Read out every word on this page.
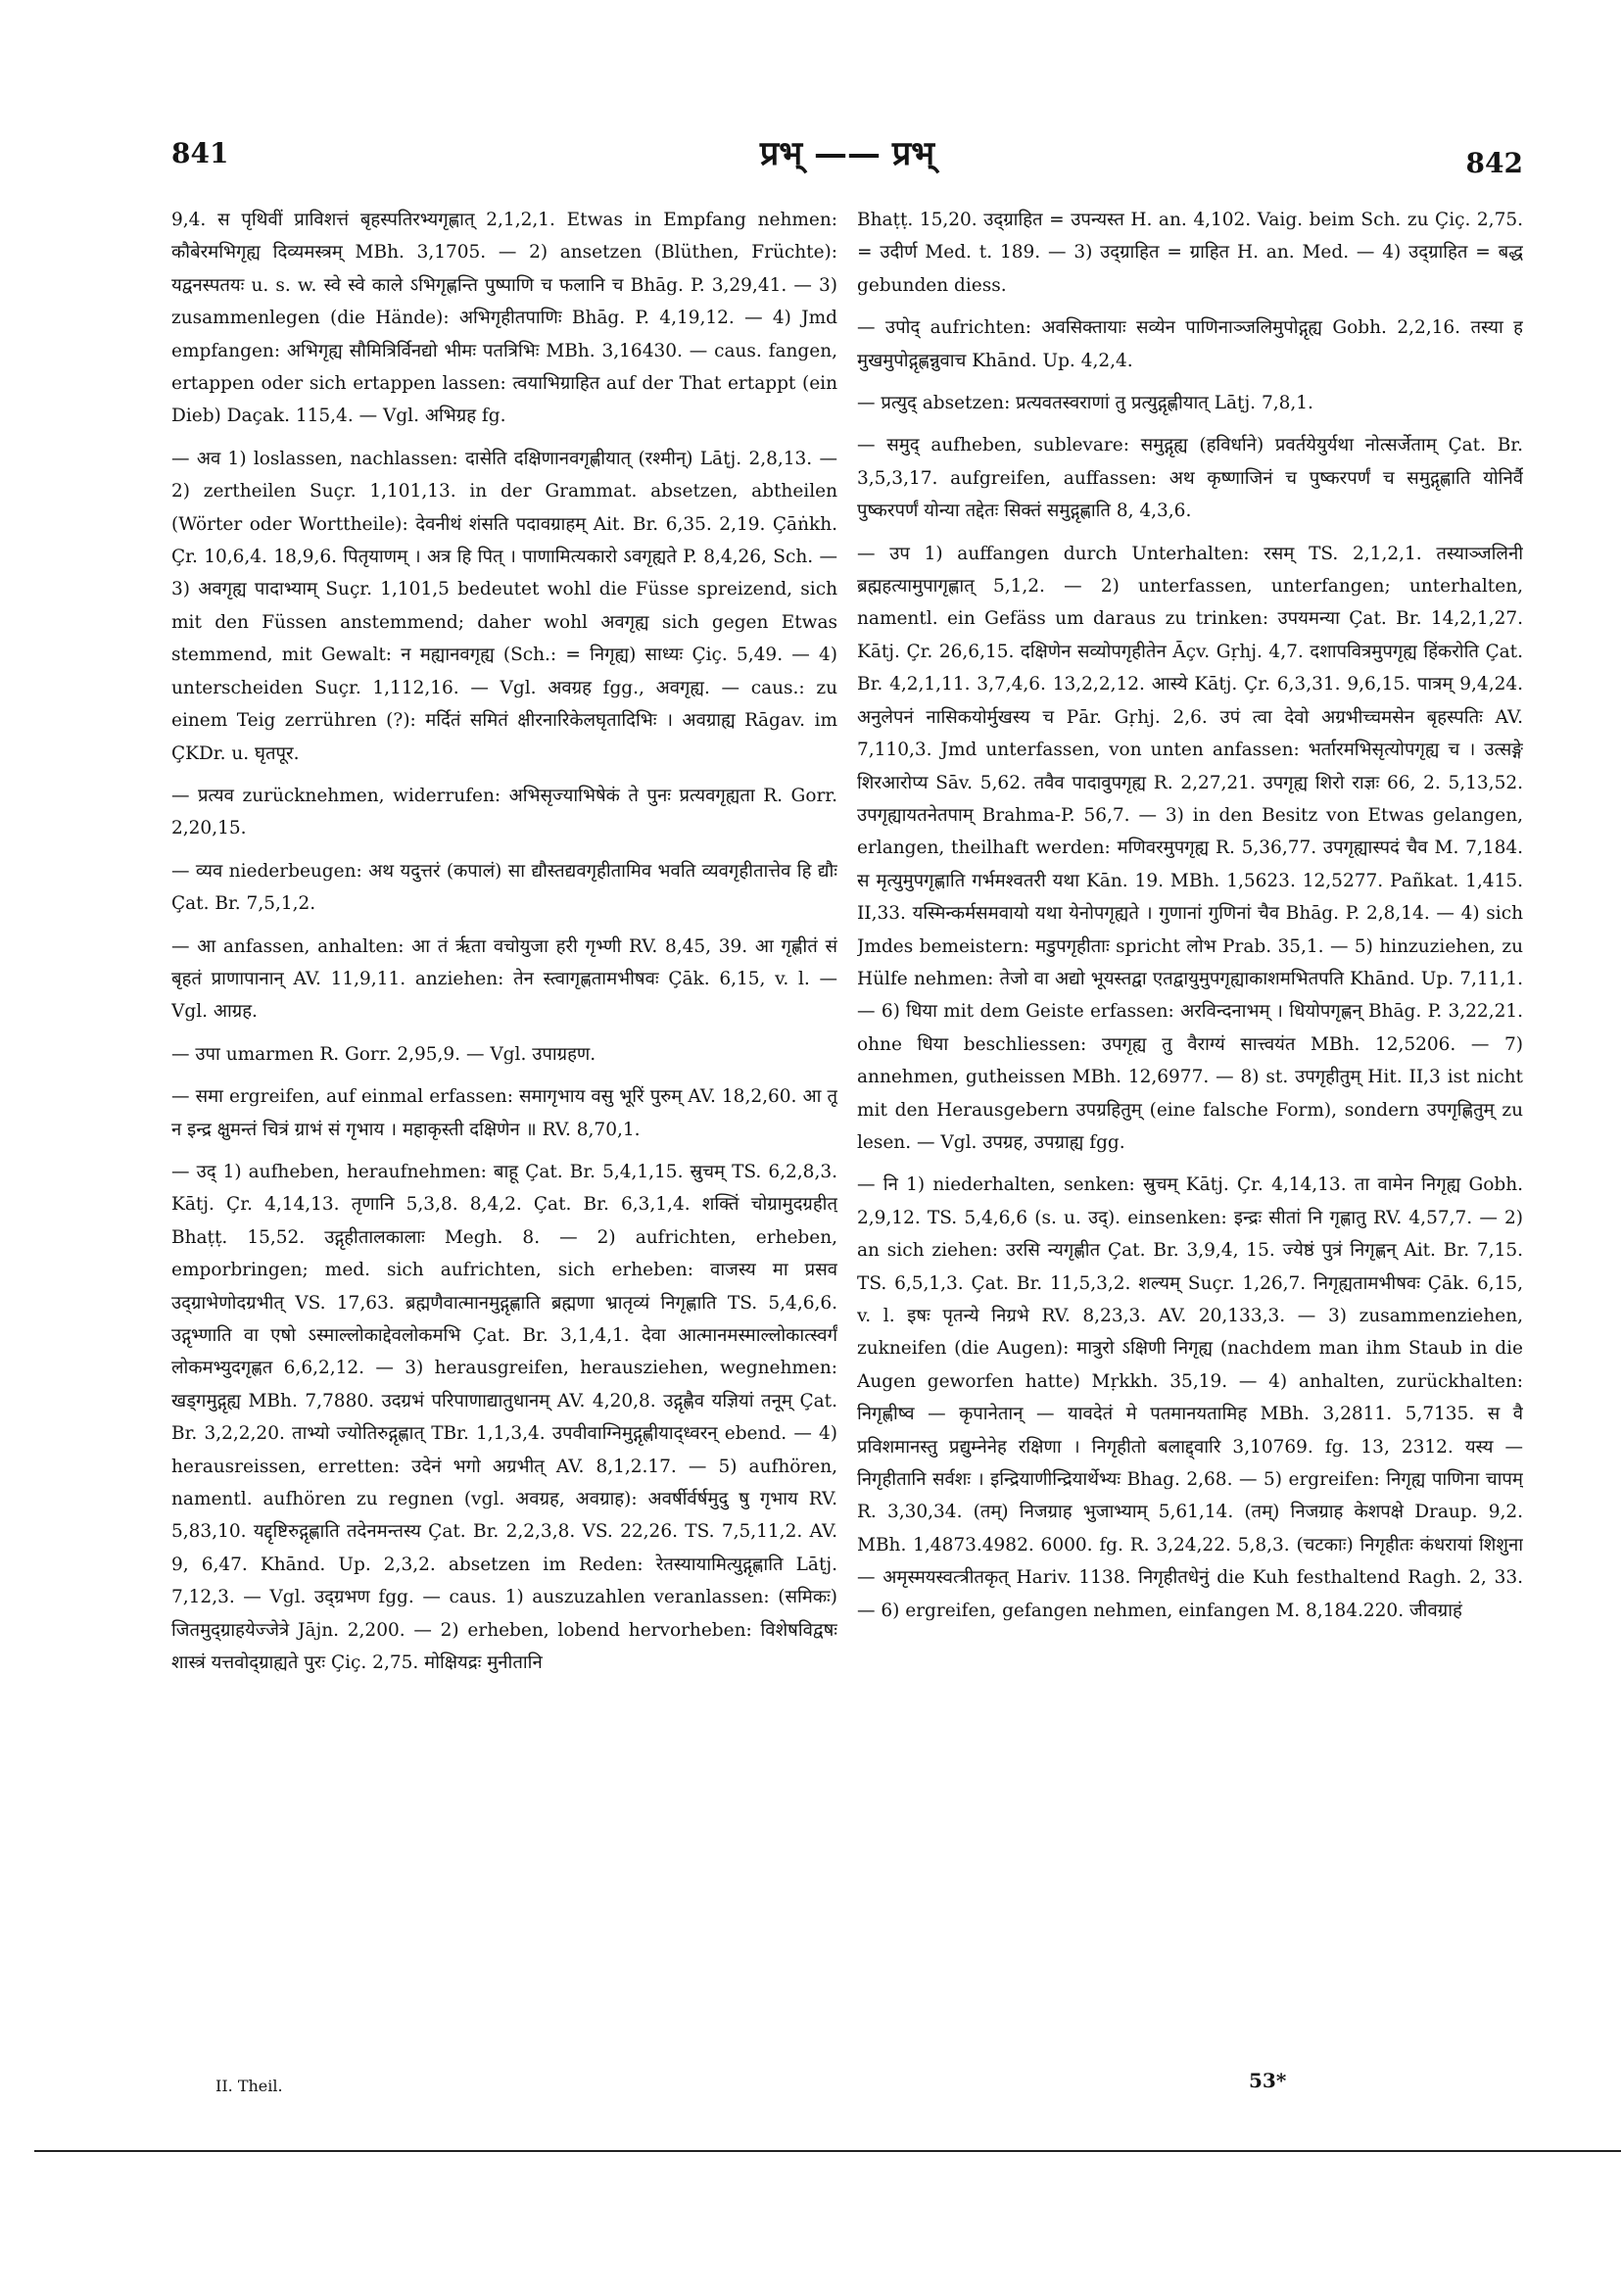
841	प्रभ् —— प्रभ्	842

9,4. स पृथिवीं प्राविशत्तं बृहस्पतिरभ्यगृह्णात् 2,1,2,1. Etwas in Empfang nehmen: कौबेरमभिगृह्य दिव्यमस्त्रम् MBh. 3,1705. — 2) ansetzen (Blüthen, Früchte): यद्वनस्पतयः u. s. w. स्वे स्वे काले ऽभिगृह्णन्ति पुष्पाणि च फलानि च Bhāg. P. 3,29,41. — 3) zusammenlegen (die Hände): अभिगृहीतपाणिः Bhāg. P. 4,19,12. — 4) Jmd empfangen: अभिगृह्य सौमित्रिर्विनद्यो भीमः पतत्रिभिः MBh. 3,16430. — caus. fangen, ertappen oder sich ertappen lassen: त्वयाभिग्राहित auf der That ertappt (ein Dieb) Daçak. 115,4. — Vgl. अभिग्रह fg.

— अव 1) loslassen, nachlassen: दासेति दक्षिणानवगृह्णीयात् (रश्मीन्) Lāṭj. 2,8,13. — 2) zertheilen Suçr. 1,101,13. in der Grammat. absetzen, abtheilen (Wörter oder Worttheile): देवनीथं शंसति पदावग्राहम् Ait. Br. 6,35. 2,19. Çāṅkh. Çr. 10,6,4. 18,9,6. पितृयाणम् । अत्र हि पित् । पाणामित्यकारो ऽवगृह्यते P. 8,4,26, Sch. — 3) अवगृह्य पादाभ्याम् Suçr. 1,101,5 bedeutet wohl die Füsse spreizend, sich mit den Füssen anstemmend; daher wohl अवगृह्य sich gegen Etwas stemmend, mit Gewalt: न मह्यानवगृह्य (Sch.: = निगृह्य) साध्यः Çiç. 5,49. — 4) unterscheiden Suçr. 1,112,16. — Vgl. अवग्रह fgg., अवगृह्य. — caus.: zu einem Teig zerrühren (?): मर्दितं समितं क्षीरनारिकेलघृतादिभिः । अवग्राह्य Rāgav. im ÇKDr. u. घृतपूर.

— प्रत्यव zurücknehmen, widerrufen: अभिसृज्याभिषेकं ते पुनः प्रत्यवगृह्यता R. Gorr. 2,20,15.

— व्यव niederbeugen: अथ यदुत्तरं (कपालं) सा द्यौस्तद्यवगृहीतामिव भवति व्यवगृहीतात्तेव हि द्यौः Çat. Br. 7,5,1,2.

— आ anfassen, anhalten: आ तं रृता वचोयुजा हरी गृभ्णी RV. 8,45, 39. आ गृह्णीतं सं बृहतं प्राणापानान् AV. 11,9,11. anziehen: तेन स्त्वागृह्णतामभीषवः Çāk. 6,15, v. l. — Vgl. आग्रह.

— उपा umarmen R. Gorr. 2,95,9. — Vgl. उपाग्रहण.

— समा ergreifen, auf einmal erfassen: समागृभाय वसु भूरिं पुरुम् AV. 18,2,60. आ तू न इन्द्र क्षुमन्तं चित्रं ग्राभं सं गृभाय । महाकृस्ती दक्षिणेन ॥ RV. 8,70,1.

— उद् 1) aufheben, heraufnehmen: बाहू Çat. Br. 5,4,1,15. स्रुचम् TS. 6,2,8,3. Kātj. Çr. 4,14,13. तृणानि 5,3,8. 8,4,2. Çat. Br. 6,3,1,4. शक्तिं चोग्रामुदग्रहीत् Bhaṭṭ. 15,52. उद्गृहीतालकालाः Megh. 8. — 2) aufrichten, erheben, emporbringen; med. sich aufrichten, sich erheben: वाजस्य मा प्रसव उद्ग्राभेणोदग्रभीत् VS. 17,63. ब्रह्मणैवात्मानमुद्गृह्णाति ब्रह्मणा भ्रातृव्यं निगृह्णाति TS. 5,4,6,6. उद्गृभ्णाति वा एषो ऽस्माल्लोकाद्देवलोकमभि Çat. Br. 3,1,4,1. देवा आत्मानमस्माल्लोकात्स्वर्गं लोकमभ्युदगृह्णत 6,6,2,12. — 3) herausgreifen, herausziehen, wegnehmen: खड्गमुद्गृह्य MBh. 7,7880. उदग्रभं परिपाणाद्यातुधानम् AV. 4,20,8. उद्गृह्णैव यज्ञियां तनूम् Çat. Br. 3,2,2,20. ताभ्यो ज्योतिरुद्गृह्णात् TBr. 1,1,3,4. उपवीवाग्निमुद्गृह्णीयाद्ध्वरन् ebend. — 4) herausreissen, erretten: उदेनं भगो अग्रभीत् AV. 8,1,2.17. — 5) aufhören, namentl. aufhören zu regnen (vgl. अवग्रह, अवग्राह): अवर्षीर्वर्षमुदु षु गृभाय RV. 5,83,10. यद्दृष्टिरुद्गृह्णाति तदेनमन्तस्य Çat. Br. 2,2,3,8. VS. 22,26. TS. 7,5,11,2. AV. 9, 6,47. Khānd. Up. 2,3,2. absetzen im Reden: रेतस्यायामित्युद्गृह्णाति Lāṭj. 7,12,3. — Vgl. उद्ग्रभण fgg. — caus. 1) auszuzahlen veranlassen: (समिकः) जितमुद्ग्राहयेज्जेत्रे Jājn. 2,200. — 2) erheben, lobend hervorheben: विशेषविद्वषः शास्त्रं यत्तवोद्ग्राह्यते पुरः Çiç. 2,75. मोक्षियद्रः मुनीतानि

Bhaṭṭ. 15,20. उद्ग्राहित = उपन्यस्त H. an. 4,102. Vaig. beim Sch. zu Çiç. 2,75. = उदीर्ण Med. t. 189. — 3) उद्ग्राहित = ग्राहित H. an. Med. — 4) उद्ग्राहित = बद्ध gebunden diess.

— उपोद् aufrichten: अवसिक्तायाः सव्येन पाणिनाञ्जलिमुपोद्गृह्य Gobh. 2,2,16. तस्या ह मुखमुपोद्गृह्णन्नुवाच Khānd. Up. 4,2,4.

— प्रत्युद् absetzen: प्रत्यवतस्वराणां तु प्रत्युद्गृह्णीयात् Lāṭj. 7,8,1.

— समुद् aufheben, sublevare: समुद्गृह्य (हविर्धाने) प्रवर्तयेयुर्यथा नोत्सर्जेताम् Çat. Br. 3,5,3,17. aufgreifen, auffassen: अथ कृष्णाजिनं च पुष्करपर्णं च समुद्गृह्णाति योनिर्वै पुष्करपर्णं योन्या तद्देतः सिक्तं समुद्गृह्णाति 8, 4,3,6.

— उप 1) auffangen durch Unterhalten: रसम् TS. 2,1,2,1. तस्याञ्जलिनी ब्रह्महत्यामुपागृह्णात् 5,1,2. — 2) unterfassen, unterfangen; unterhalten, namentl. ein Gefäss um daraus zu trinken: उपयमन्या Çat. Br. 14,2,1,27. Kātj. Çr. 26,6,15. दक्षिणेन सव्योपगृहीतेन Āçv. Gṛhj. 4,7. दशापवित्रमुपगृह्य हिंकरोति Çat. Br. 4,2,1,11. 3,7,4,6. 13,2,2,12. आस्ये Kātj. Çr. 6,3,31. 9,6,15. पात्रम् 9,4,24. अनुलेपनं नासिकयोर्मुखस्य च Pār. Gṛhj. 2,6. उपं त्वा देवो अग्रभीच्चमसेन बृहस्पतिः AV. 7,110,3. Jmd unterfassen, von unten anfassen: भर्तारमभिसृत्योपगृह्य च । उत्सङ्गे शिरआरोप्य Sāv. 5,62. तवैव पादावुपगृह्य R. 2,27,21. उपगृह्य शिरो राज्ञः 66, 2. 5,13,52. उपगृह्यायतनेतपाम् Brahma-P. 56,7. — 3) in den Besitz von Etwas gelangen, erlangen, theilhaft werden: मणिवरमुपगृह्य R. 5,36,77. उपगृह्यास्पदं चैव M. 7,184. स मृत्युमुपगृह्णाति गर्भमश्वतरी यथा Kān. 19. MBh. 1,5623. 12,5277. Pañkat. 1,415. II,33. यस्मिन्कर्मसमवायो यथा येनोपगृह्यते । गुणानां गुणिनां चैव Bhāg. P. 2,8,14. — 4) sich Jmdes bemeistern: मडुपगृहीताः spricht लोभ Prab. 35,1. — 5) hinzuziehen, zu Hülfe nehmen: तेजो वा अद्यो भूयस्तद्वा एतद्वायुमुपगृह्याकाशमभितपति Khānd. Up. 7,11,1. — 6) धिया mit dem Geiste erfassen: अरविन्दनाभम् । धियोपगृह्णन् Bhāg. P. 3,22,21. ohne धिया beschliessen: उपगृह्य तु वैराग्यं सात्त्वयंत MBh. 12,5206. — 7) annehmen, gutheissen MBh. 12,6977. — 8) st. उपगृहीतुम् Hit. II,3 ist nicht mit den Herausgebern उपग्रहितुम् (eine falsche Form), sondern उपगृह्णितुम् zu lesen. — Vgl. उपग्रह, उपग्राह्य fgg.

— नि 1) niederhalten, senken: स्रुचम् Kātj. Çr. 4,14,13. ता वामेन निगृह्य Gobh. 2,9,12. TS. 5,4,6,6 (s. u. उद्). einsenken: इन्द्रः सीतां नि गृह्णातु RV. 4,57,7. — 2) an sich ziehen: उरसि न्यगृह्णीत Çat. Br. 3,9,4, 15. ज्येष्ठं पुत्रं निगृह्णन् Ait. Br. 7,15. TS. 6,5,1,3. Çat. Br. 11,5,3,2. शल्यम् Suçr. 1,26,7. निगृह्यतामभीषवः Çāk. 6,15, v. l. इषः पृतन्ये निग्रभे RV. 8,23,3. AV. 20,133,3. — 3) zusammenziehen, zukneifen (die Augen): मात्रुरो ऽक्षिणी निगृह्य (nachdem man ihm Staub in die Augen geworfen hatte) Mṛkkh. 35,19. — 4) anhalten, zurückhalten: निगृह्णीष्व — कृपानेतान् — यावदेतं मे पतमानयतामिह MBh. 3,2811. 5,7135. स वै प्रविशमानस्तु प्रद्युम्नेनेह रक्षिणा । निगृहीतो बलाद्द्वारि 3,10769. fg. 13, 2312. यस्य — निगृहीतानि सर्वशः । इन्द्रियाणीन्द्रियार्थेभ्यः Bhag. 2,68. — 5) ergreifen: निगृह्य पाणिना चापम् R. 3,30,34. (तम्) निजग्राह भुजाभ्याम् 5,61,14. (तम्) निजग्राह केशपक्षे Draup. 9,2. MBh. 1,4873.4982. 6000. fg. R. 3,24,22. 5,8,3. (चटकाः) निगृहीतः कंधरायां शिशुना — अमृस्मयस्वत्त्रीतकृत् Hariv. 1138. निगृहीतधेनुं die Kuh festhaltend Ragh. 2, 33. — 6) ergreifen, gefangen nehmen, einfangen M. 8,184.220. जीवग्राहं

II. Theil.	53*
